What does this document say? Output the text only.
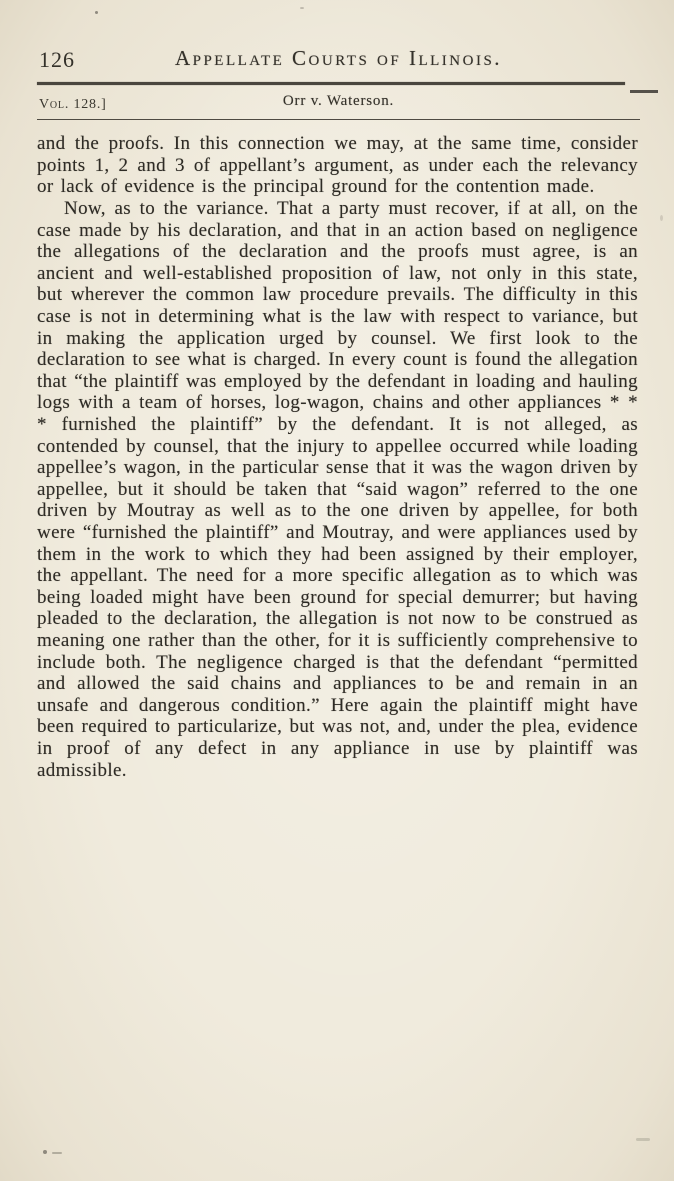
126	Appellate Courts of Illinois.
Vol. 128.]	Orr v. Waterson.

and the proofs. In this connection we may, at the same time, consider points 1, 2 and 3 of appellant’s argument, as under each the relevancy or lack of evidence is the principal ground for the contention made.

Now, as to the variance. That a party must recover, if at all, on the case made by his declaration, and that in an action based on negligence the allegations of the declaration and the proofs must agree, is an ancient and well-established proposition of law, not only in this state, but wherever the common law procedure prevails. The difficulty in this case is not in determining what is the law with respect to variance, but in making the application urged by counsel. We first look to the declaration to see what is charged. In every count is found the allegation that “the plaintiff was employed by the defendant in loading and hauling logs with a team of horses, log-wagon, chains and other appliances * * * furnished the plaintiff” by the defendant. It is not alleged, as contended by counsel, that the injury to appellee occurred while loading appellee’s wagon, in the particular sense that it was the wagon driven by appellee, but it should be taken that “said wagon” referred to the one driven by Moutray as well as to the one driven by appellee, for both were “furnished the plaintiff” and Moutray, and were appliances used by them in the work to which they had been assigned by their employer, the appellant. The need for a more specific allegation as to which was being loaded might have been ground for special demurrer; but having pleaded to the declaration, the allegation is not now to be construed as meaning one rather than the other, for it is sufficiently comprehensive to include both. The negligence charged is that the defendant “permitted and allowed the said chains and appliances to be and remain in an unsafe and dangerous condition.” Here again the plaintiff might have been required to particularize, but was not, and, under the plea, evidence in proof of any defect in any appliance in use by plaintiff was admissible.
